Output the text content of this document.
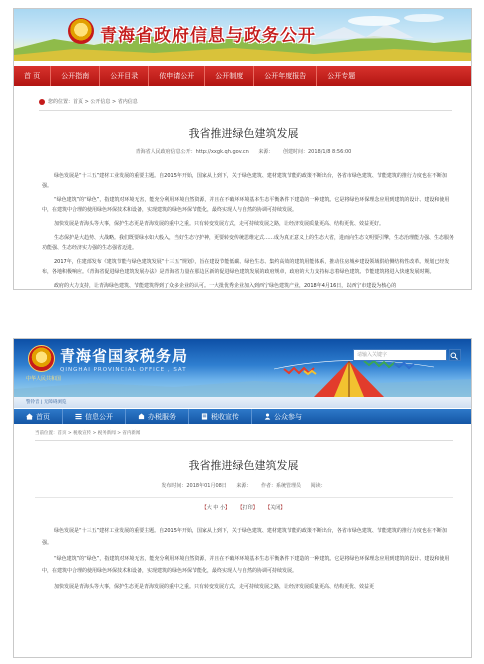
青海省政府信息与政务公开
首 页	公开指南	公开目录	依申请公开	公开制度	公开年度报告	公开专题
您的位置：首页 > 公开信息 > 省内信息
我省推进绿色建筑发展
青海省人民政府信息公开：http://xxgk.qh.gov.cn 来源： 创建时间：2018/1/8 8:56:00

绿色发展是“十三五”建材工业发展的重要主题。自2015年开始，国家从上到下，关于绿色建筑、建材建筑节能的政策不断出台，各省市绿色建筑、节能建筑的推行力度也在不断加强。

“绿色建筑”的“绿色”，指建筑对环境无害，能充分利用环境自然资源，并且在不破坏环境基本生态平衡条件下建造的一种建筑。它是将绿色环保理念应用到建筑的设计、建设和使用中，在建筑中合理的使用绿色环保技术和设备，实现建筑的绿色环保节能化，最终实现人与自然的协调可持续发展。

加快发展是青海头等大事，保护生态更是青海发展的重中之重。只有转变发展方式，走可持续发展之路，让经济发展质量更高、结构更优、效益更好。

生态保护是大趋势、大战略。我们既要绿水如大般入，当好生态守护神，更要转变传统思维定式……成为真正意义上的生态大省，进而向生态文明要引擎，生态治理能力强、生态服务功能强、生态经济实力强的生态强省迈进。

2017年，住建部发布《建筑节能与绿色建筑发展“十三五”规划》，旨在建设节能低碳、绿色生态、集约高效的建筑用能体系，推动住房城乡建设领域供给侧结构性改革。规划已经发布，各地积极响应。《青海省促进绿色建筑发展办法》是青海省力量在那边区新的促进绿色建筑发展的政府规章，政府的大力支持标志着绿色建筑、节能建筑将进入快速发展时期。

政府的大力支持，让青海绿色建筑、节能建筑得到了众多企业的认可。一大批优秀企业加入到西宁绿色建筑产业，2018年4月16日，以西宁市建设为核心的

中华人民共和国
青海省国家税务局
QINGHAI PROVINCIAL OFFICE , SAT
请输入关键字
警铃音 | 无障碍浏览
首页	信息公开	办税服务	税收宣传	公众参与
当前位置：首页 > 税收宣传 > 税务新闻 > 省内新闻
我省推进绿色建筑发展
发布时间：2018年01月08日 来源： 作者：系统管理员 阅读：
【大 中 小】 【打印】 【关闭】

绿色发展是“十三五”建材工业发展的重要主题。自2015年开始，国家从上到下，关于绿色建筑、建材建筑节能的政策不断出台，各省市绿色建筑、节能建筑的推行力度也在不断加强。

“绿色建筑”的“绿色”，指建筑对环境无害，能充分利用环境自然资源，并且在不破坏环境基本生态平衡条件下建造的一种建筑。它是将绿色环保理念应用到建筑的设计、建设和使用中，在建筑中合理的使用绿色环保技术和设备，实现建筑的绿色环保节能化，最终实现人与自然的协调可持续发展。

加快发展是青海头等大事，保护生态更是青海发展的重中之重。只有转变发展方式，走可持续发展之路，让经济发展质量更高、结构更优、效益更
